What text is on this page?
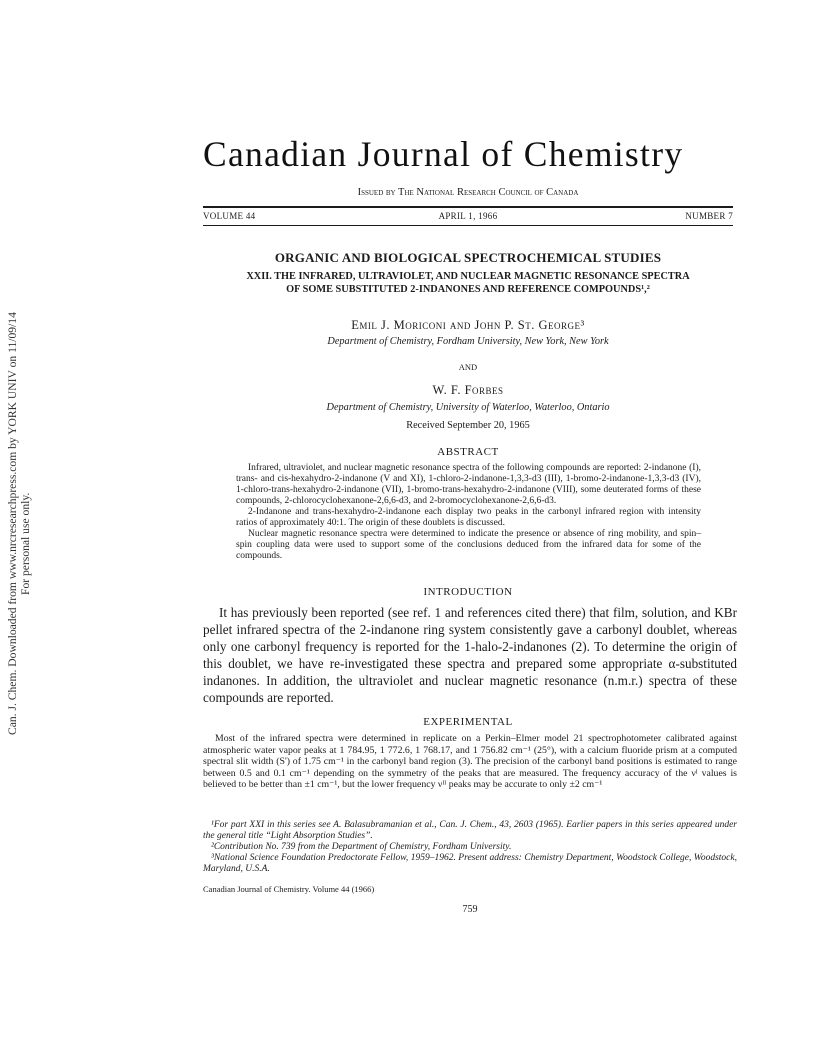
Can. J. Chem. Downloaded from www.nrcresearchpress.com by YORK UNIV on 11/09/14 For personal use only.
Canadian Journal of Chemistry
Issued by The National Research Council of Canada
VOLUME 44	APRIL 1, 1966	NUMBER 7
ORGANIC AND BIOLOGICAL SPECTROCHEMICAL STUDIES
XXII. THE INFRARED, ULTRAVIOLET, AND NUCLEAR MAGNETIC RESONANCE SPECTRA
OF SOME SUBSTITUTED 2-INDANONES AND REFERENCE COMPOUNDS¹,²
Emil J. Moriconi and John P. St. George³
Department of Chemistry, Fordham University, New York, New York
AND
W. F. Forbes
Department of Chemistry, University of Waterloo, Waterloo, Ontario
Received September 20, 1965
ABSTRACT

Infrared, ultraviolet, and nuclear magnetic resonance spectra of the following compounds are reported: 2-indanone (I), trans- and cis-hexahydro-2-indanone (V and XI), 1-chloro-2-indanone-1,3,3-d3 (III), 1-bromo-2-indanone-1,3,3-d3 (IV), 1-chloro-trans-hexahydro-2-indanone (VII), 1-bromo-trans-hexahydro-2-indanone (VIII), some deuterated forms of these compounds, 2-chlorocyclohexanone-2,6,6-d3, and 2-bromocyclohexanone-2,6,6-d3.

2-Indanone and trans-hexahydro-2-indanone each display two peaks in the carbonyl infrared region with intensity ratios of approximately 40:1. The origin of these doublets is discussed.

Nuclear magnetic resonance spectra were determined to indicate the presence or absence of ring mobility, and spin–spin coupling data were used to support some of the conclusions deduced from the infrared data for some of the compounds.

INTRODUCTION

It has previously been reported (see ref. 1 and references cited there) that film, solution, and KBr pellet infrared spectra of the 2-indanone ring system consistently gave a carbonyl doublet, whereas only one carbonyl frequency is reported for the 1-halo-2-indanones (2). To determine the origin of this doublet, we have re-investigated these spectra and prepared some appropriate α-substituted indanones. In addition, the ultraviolet and nuclear magnetic resonance (n.m.r.) spectra of these compounds are reported.

EXPERIMENTAL

Most of the infrared spectra were determined in replicate on a Perkin–Elmer model 21 spectrophotometer calibrated against atmospheric water vapor peaks at 1 784.95, 1 772.6, 1 768.17, and 1 756.82 cm⁻¹ (25°), with a calcium fluoride prism at a computed spectral slit width (S') of 1.75 cm⁻¹ in the carbonyl band region (3). The precision of the carbonyl band positions is estimated to range between 0.5 and 0.1 cm⁻¹ depending on the symmetry of the peaks that are measured. The frequency accuracy of the νᴵ values is believed to be better than ±1 cm⁻¹, but the lower frequency νᴵᴵ peaks may be accurate to only ±2 cm⁻¹

¹For part XXI in this series see A. Balasubramanian et al., Can. J. Chem., 43, 2603 (1965). Earlier papers in this series appeared under the general title “Light Absorption Studies”.

²Contribution No. 739 from the Department of Chemistry, Fordham University.

³National Science Foundation Predoctorate Fellow, 1959–1962. Present address: Chemistry Department, Woodstock College, Woodstock, Maryland, U.S.A.

Canadian Journal of Chemistry. Volume 44 (1966)
759
